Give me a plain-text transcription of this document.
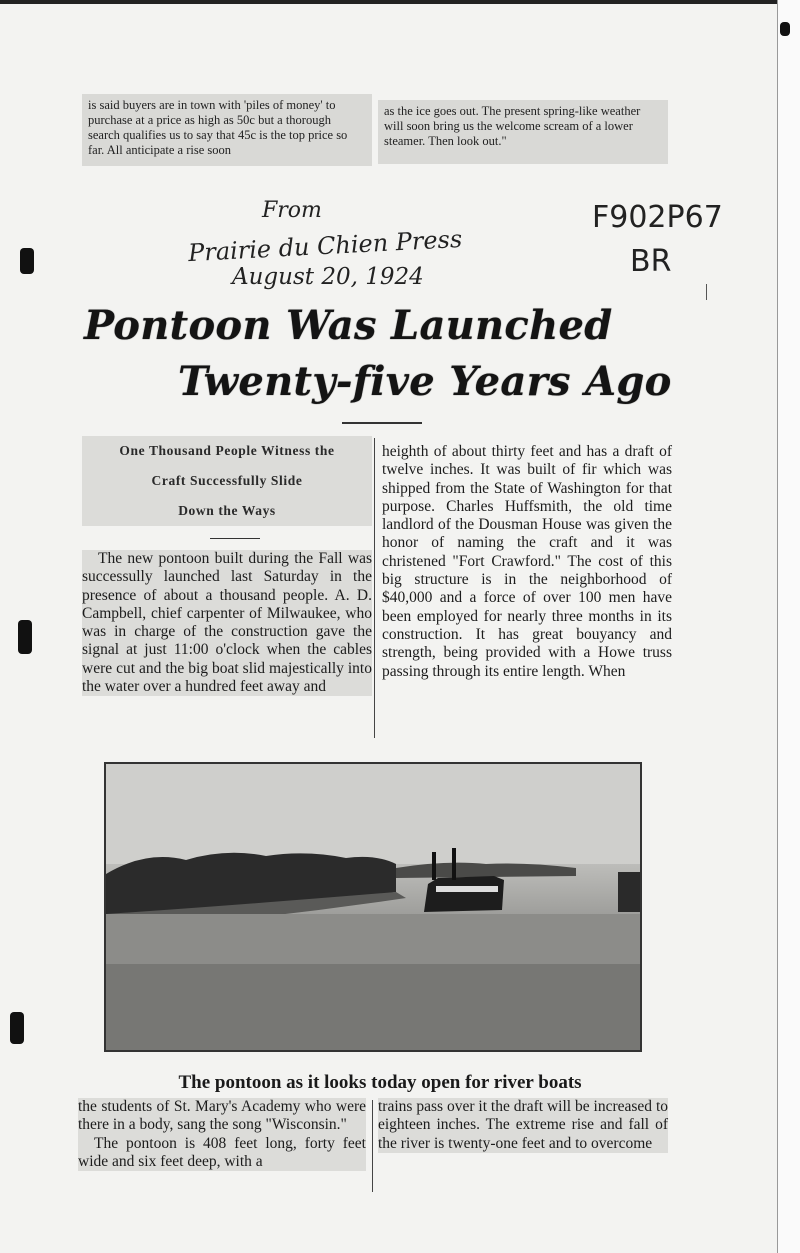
is said buyers are in town with 'piles of money' to purchase at a price as high as 50c but a thorough search qualifies us to say that 45c is the top price so far. All anticipate a rise soon
as the ice goes out. The present spring-like weather will soon bring us the welcome scream of a lower steamer. Then look out."
From
Prairie du Chien Press
August 20, 1924
F902P67
BR
Pontoon Was Launched
Twenty-five Years Ago
One Thousand People Witness the
Craft Successfully Slide
Down the Ways

The new pontoon built during the Fall was successully launched last Saturday in the presence of about a thousand people. A. D. Campbell, chief carpenter of Milwaukee, who was in charge of the construction gave the signal at just 11:00 o'clock when the cables were cut and the big boat slid majestically into the water over a hundred feet away and

heighth of about thirty feet and has a draft of twelve inches. It was built of fir which was shipped from the State of Washington for that purpose. Charles Huffsmith, the old time landlord of the Dousman House was given the honor of naming the craft and it was christened "Fort Crawford." The cost of this big structure is in the neighborhood of $40,000 and a force of over 100 men have been employed for nearly three months in its construction. It has great bouyancy and strength, being provided with a Howe truss passing through its entire length. When

The pontoon as it looks today open for river boats

the students of St. Mary's Academy who were there in a body, sang the song "Wisconsin."

The pontoon is 408 feet long, forty feet wide and six feet deep, with a

trains pass over it the draft will be increased to eighteen inches. The extreme rise and fall of the river is twenty-one feet and to overcome
